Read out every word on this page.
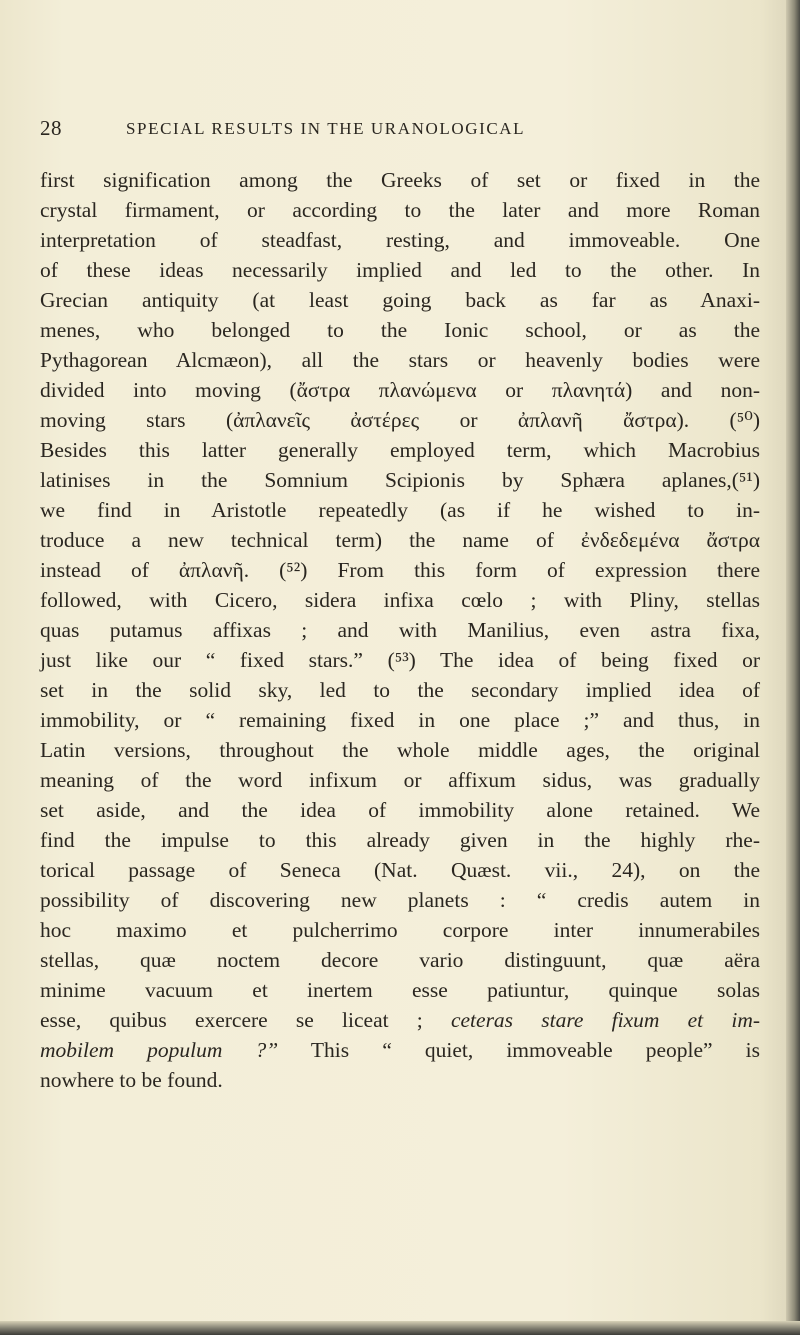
28	SPECIAL RESULTS IN THE URANOLOGICAL
first signification among the Greeks of set or fixed in the
crystal firmament, or according to the later and more Roman
interpretation of steadfast, resting, and immoveable. One
of these ideas necessarily implied and led to the other. In
Grecian antiquity (at least going back as far as Anaxi-
menes, who belonged to the Ionic school, or as the
Pythagorean Alcmæon), all the stars or heavenly bodies were
divided into moving (ἄστρα πλανώμενα or πλανητά) and non-
moving stars (ἀπλανεῖς ἀστέρες or ἀπλανῆ ἄστρα). (⁵⁰)
Besides this latter generally employed term, which Macrobius
latinises in the Somnium Scipionis by Sphæra aplanes,(⁵¹)
we find in Aristotle repeatedly (as if he wished to in-
troduce a new technical term) the name of ἐνδεδεμένα ἄστρα
instead of ἀπλανῆ. (⁵²) From this form of expression there
followed, with Cicero, sidera infixa cœlo ; with Pliny, stellas
quas putamus affixas ; and with Manilius, even astra fixa,
just like our “ fixed stars.” (⁵³) The idea of being fixed or
set in the solid sky, led to the secondary implied idea of
immobility, or “ remaining fixed in one place ;” and thus, in
Latin versions, throughout the whole middle ages, the original
meaning of the word infixum or affixum sidus, was gradually
set aside, and the idea of immobility alone retained. We
find the impulse to this already given in the highly rhe-
torical passage of Seneca (Nat. Quæst. vii., 24), on the
possibility of discovering new planets : “ credis autem in
hoc maximo et pulcherrimo corpore inter innumerabiles
stellas, quæ noctem decore vario distinguunt, quæ aëra
minime vacuum et inertem esse patiuntur, quinque solas
esse, quibus exercere se liceat ; ceteras stare fixum et im-
mobilem populum ?” This “ quiet, immoveable people” is
nowhere to be found.
